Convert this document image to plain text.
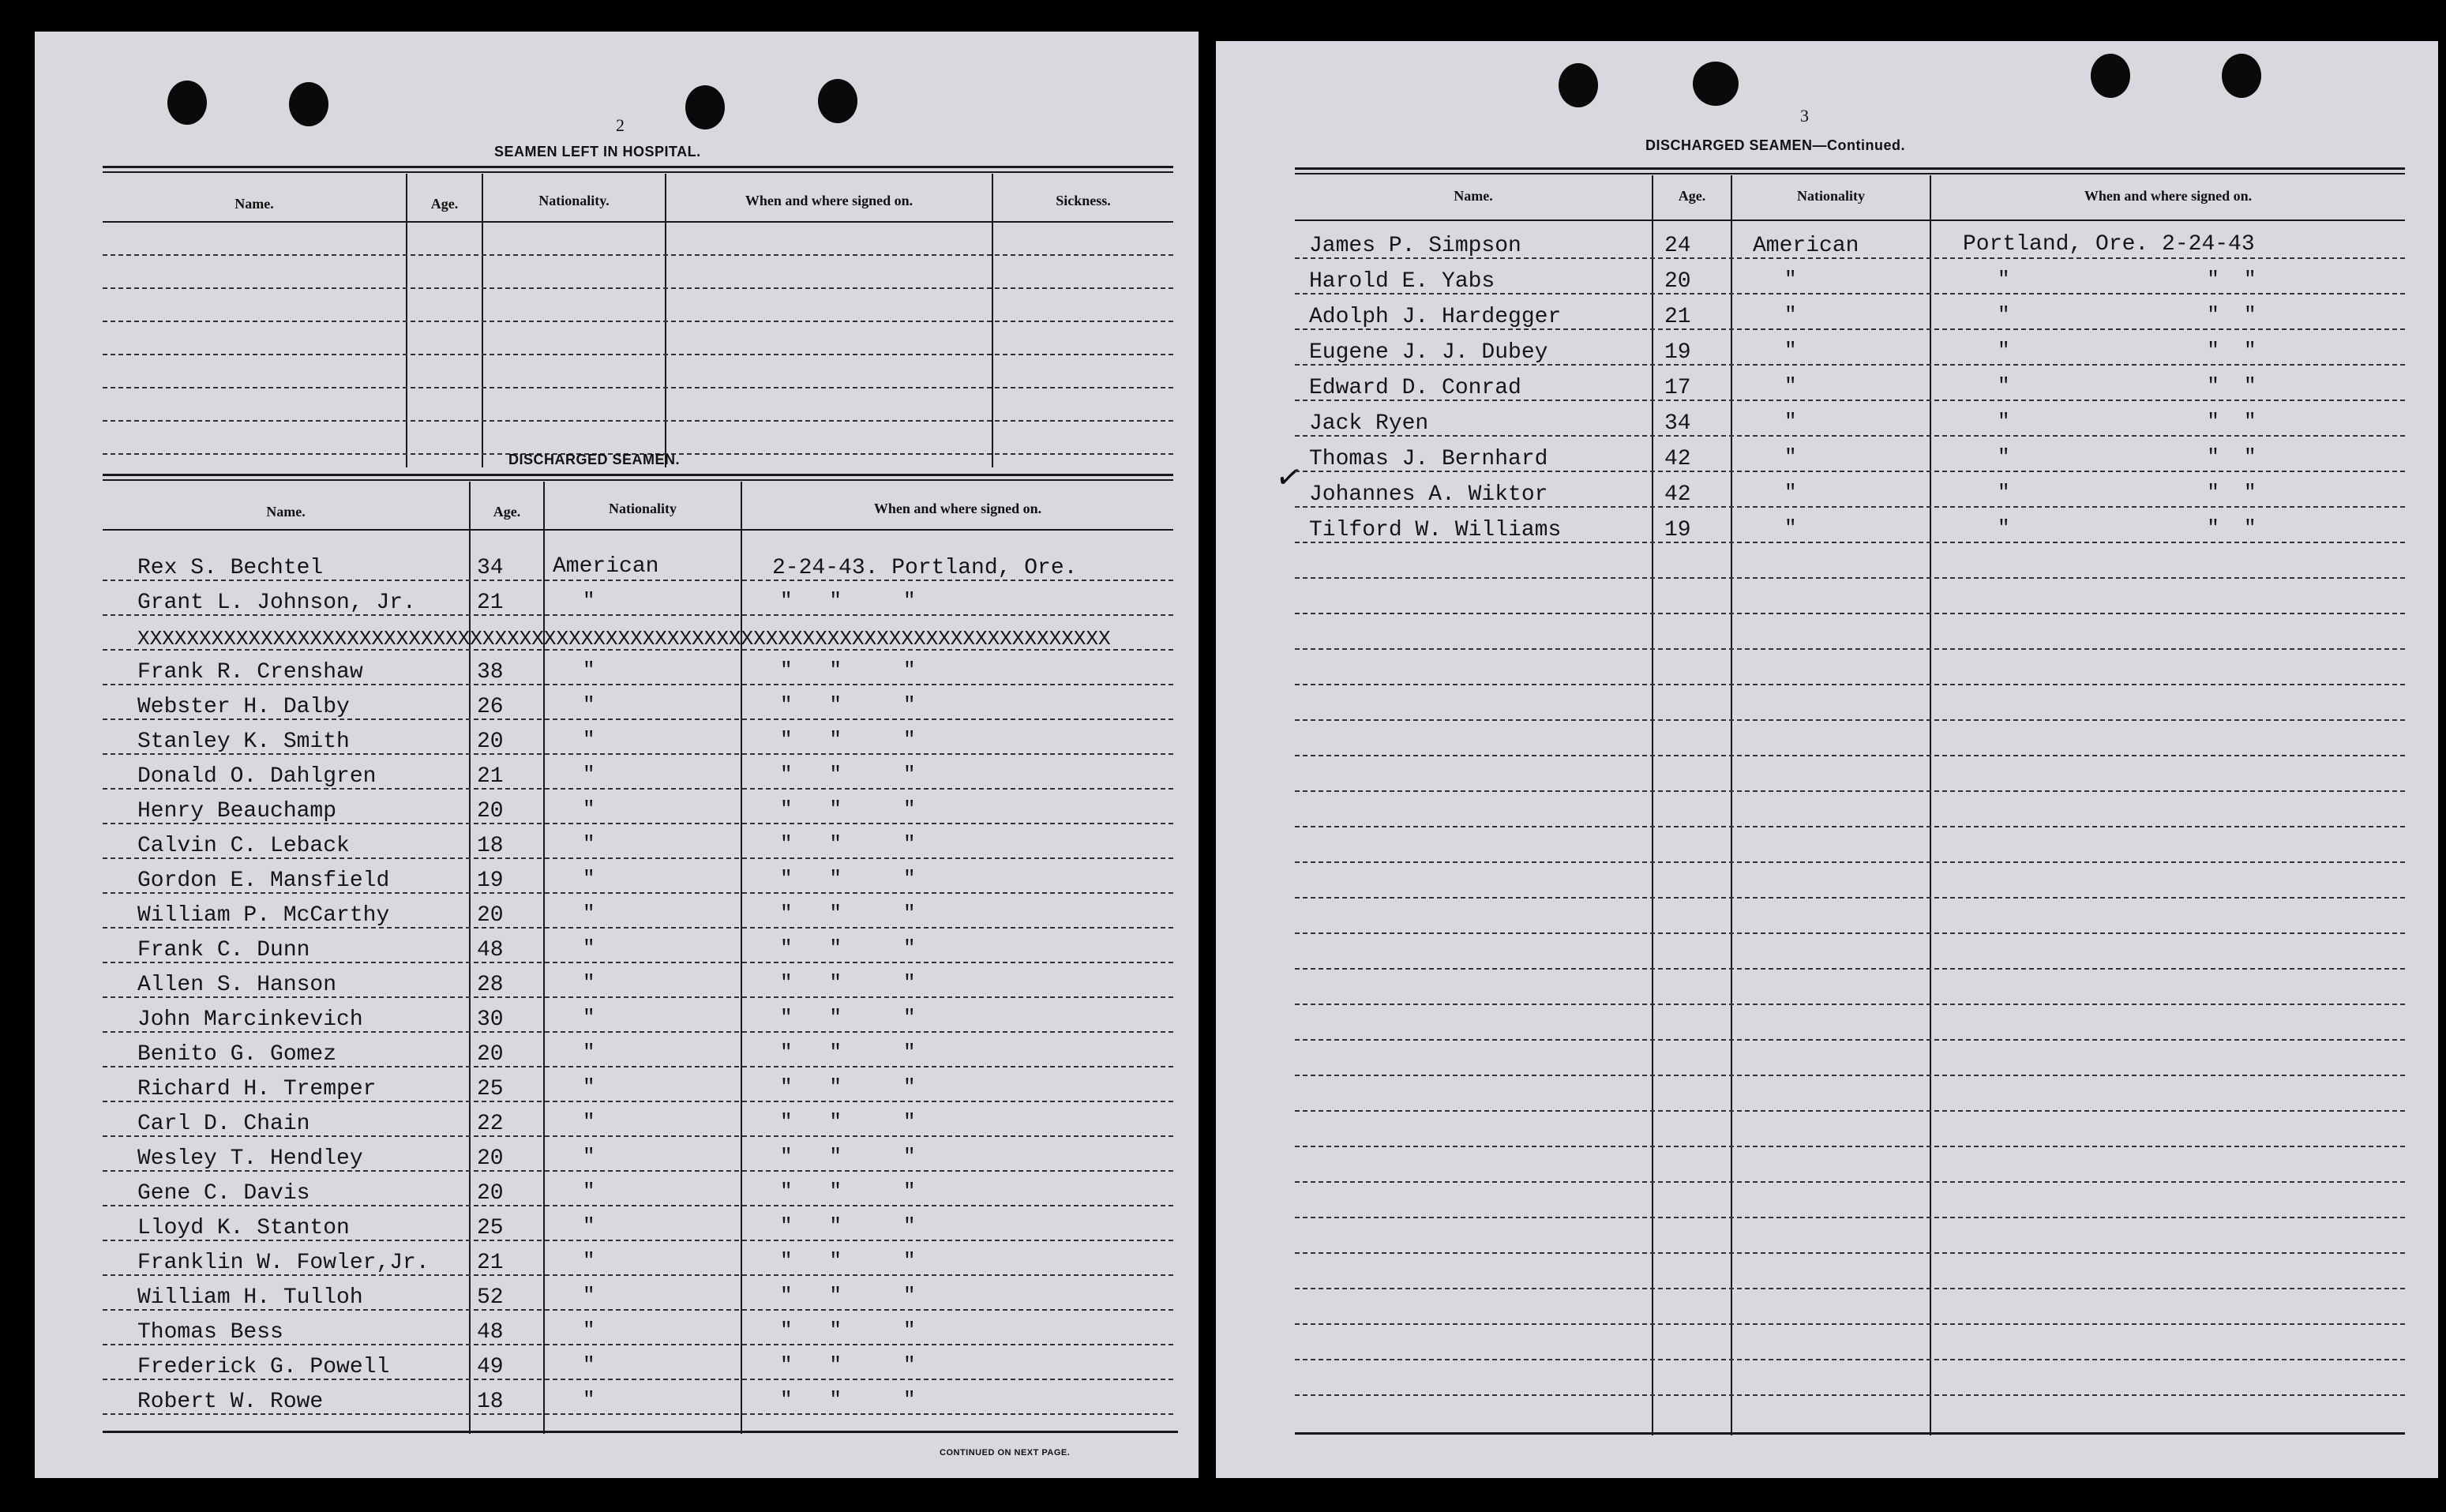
2
SEAMEN LEFT IN HOSPITAL.
Name.	Age.	Nationality.	When and where signed on.	Sickness.
DISCHARGED SEAMEN.
Name.	Age.	Nationality	When and where signed on.
Rex S. Bechtel	34 American	2-24-43. Portland, Ore.
Grant L. Johnson, Jr.	21	"	"   "     "
XXXXXXXXXXXXXXXXXXXXXXXXXXXXXXXXXXXXXXXXXXXXXXXXXXXXXXXXXXXXXXXXXXXXXXXXXXXXXXX
Frank R. Crenshaw	38	"	"   "     "
Webster H. Dalby	26	"	"   "     "
Stanley K. Smith	20	"	"   "     "
Donald O. Dahlgren	21	"	"   "     "
Henry Beauchamp	20	"	"   "     "
Calvin C. Leback	18	"	"   "     "
Gordon E. Mansfield	19	"	"   "     "
William P. McCarthy	20	"	"   "     "
Frank C. Dunn	48	"	"   "     "
Allen S. Hanson	28	"	"   "     "
John Marcinkevich	30	"	"   "     "
Benito G. Gomez	20	"	"   "     "
Richard H. Tremper	25	"	"   "     "
Carl D. Chain	22	"	"   "     "
Wesley T. Hendley	20	"	"   "     "
Gene C. Davis	20	"	"   "     "
Lloyd K. Stanton	25	"	"   "     "
Franklin W. Fowler,Jr. 21	"	"   "     "
William H. Tulloh	52	"	"   "     "
Thomas Bess	48	"	"   "     "
Frederick G. Powell	49	"	"   "     "
Robert W. Rowe	18	"	"   "     "
CONTINUED ON NEXT PAGE.
3
DISCHARGED SEAMEN—Continued.
Name.	Age.	Nationality	When and where signed on.
✓
James P. Simpson	24	American	Portland, Ore. 2-24-43
Harold E. Yabs	20	"	"                "  "
Adolph J. Hardegger	21	"	"                "  "
Eugene J. J. Dubey	19	"	"                "  "
Edward D. Conrad	17	"	"                "  "
Jack Ryen	34	"	"                "  "
Thomas J. Bernhard	42	"	"                "  "
Johannes A. Wiktor	42	"	"                "  "
Tilford W. Williams	19	"	"                "  "
